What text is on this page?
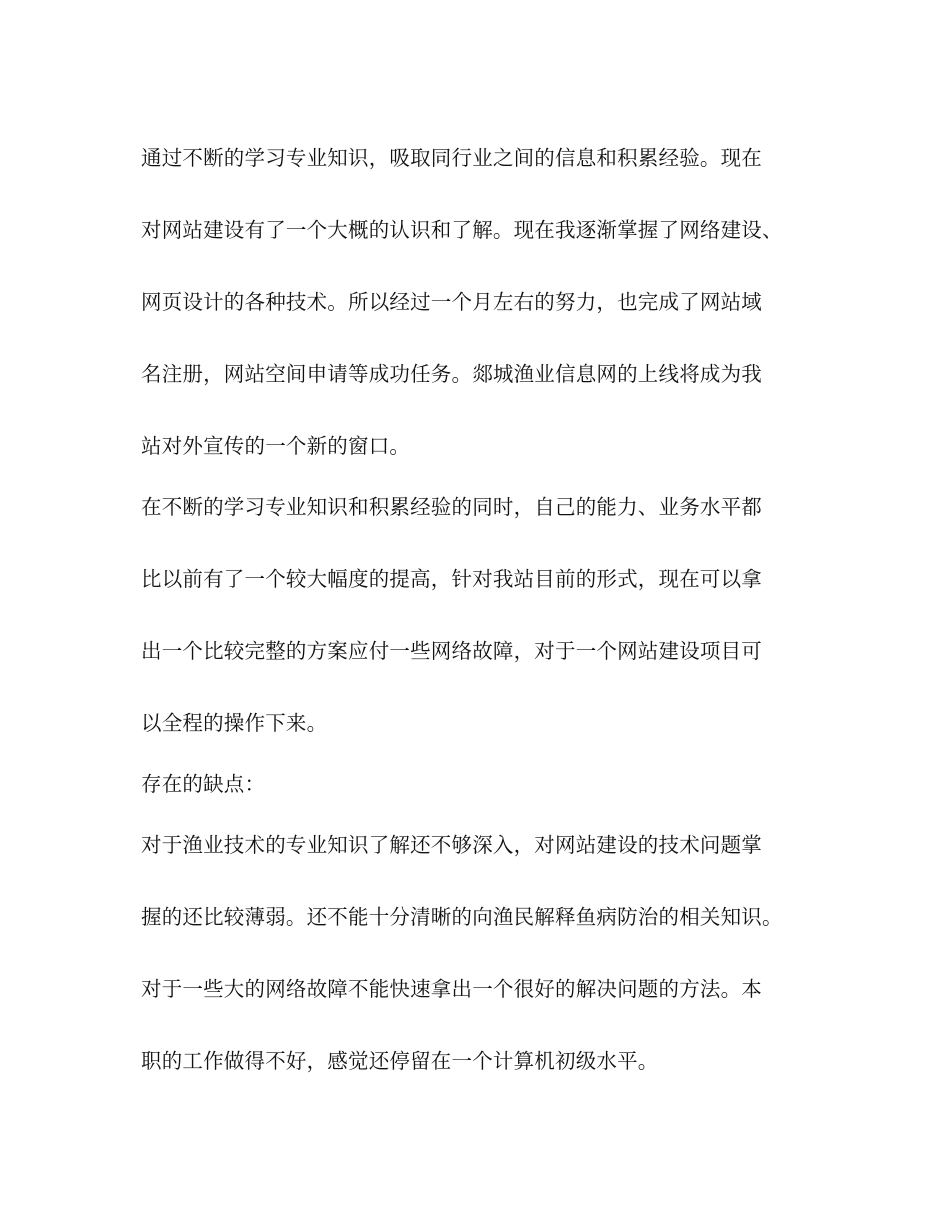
通过不断的学习专业知识，吸取同行业之间的信息和积累经验。现在
对网站建设有了一个大概的认识和了解。现在我逐渐掌握了网络建设、
网页设计的各种技术。所以经过一个月左右的努力，也完成了网站域
名注册，网站空间申请等成功任务。郯城渔业信息网的上线将成为我
站对外宣传的一个新的窗口。
在不断的学习专业知识和积累经验的同时，自己的能力、业务水平都
比以前有了一个较大幅度的提高，针对我站目前的形式，现在可以拿
出一个比较完整的方案应付一些网络故障，对于一个网站建设项目可
以全程的操作下来。
存在的缺点：
对于渔业技术的专业知识了解还不够深入，对网站建设的技术问题掌
握的还比较薄弱。还不能十分清晰的向渔民解释鱼病防治的相关知识。
对于一些大的网络故障不能快速拿出一个很好的解决问题的方法。本
职的工作做得不好，感觉还停留在一个计算机初级水平。
